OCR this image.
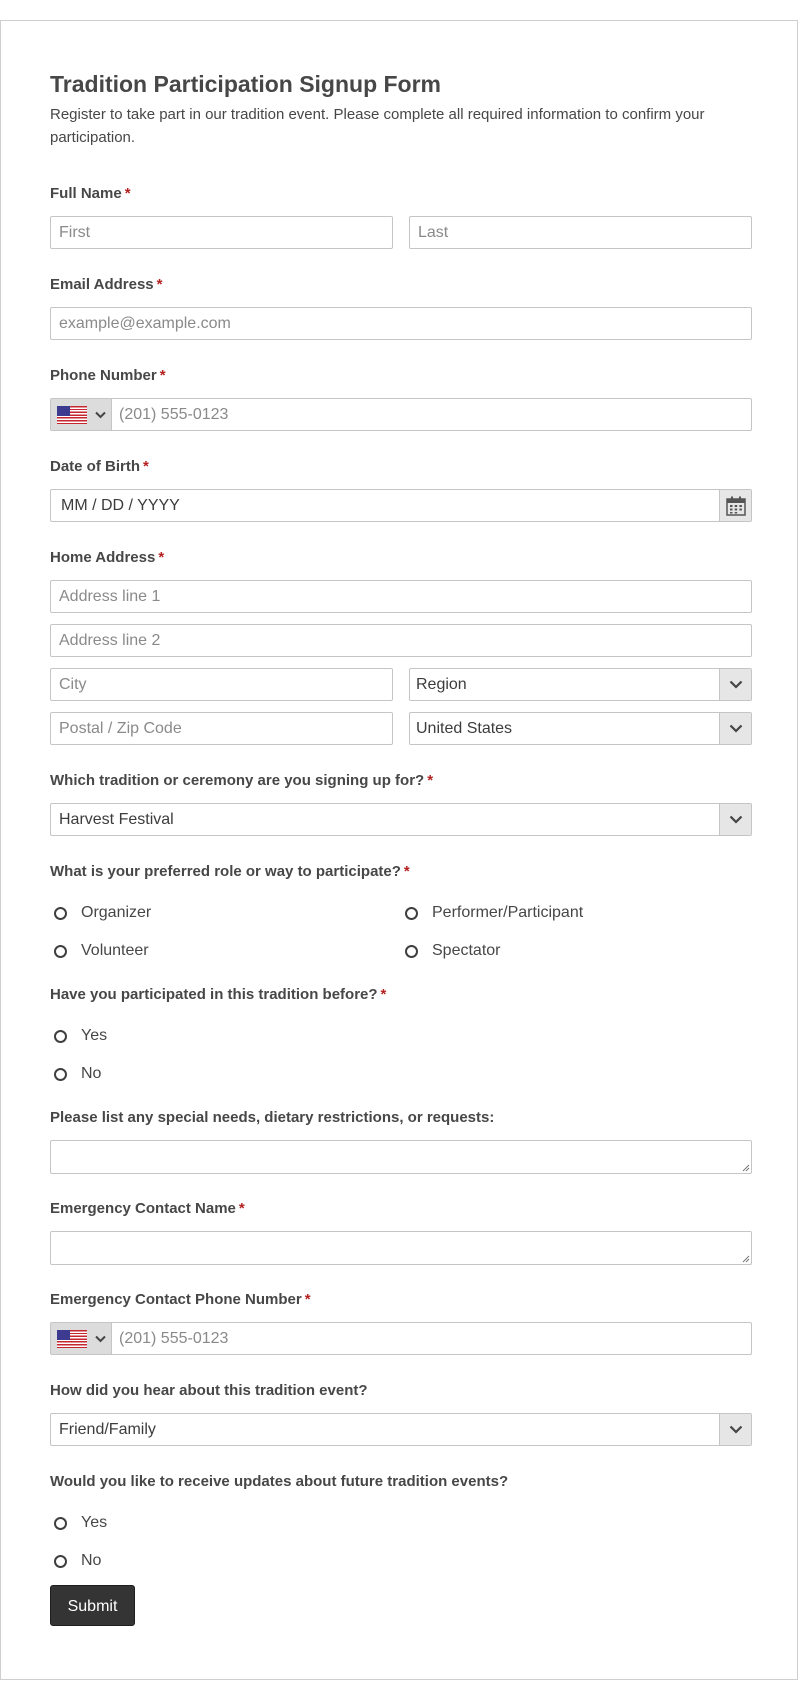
Tradition Participation Signup Form
Register to take part in our tradition event. Please complete all required information to confirm your participation.
Full Name *
First	Last
Email Address *
example@example.com
Phone Number *
(201) 555-0123
Date of Birth *
MM / DD / YYYY
Home Address *
Address line 1
Address line 2
City	Region
Postal / Zip Code	United States
Which tradition or ceremony are you signing up for? *
Harvest Festival
What is your preferred role or way to participate? *
Organizer	Performer/Participant
Volunteer	Spectator
Have you participated in this tradition before? *
Yes
No
Please list any special needs, dietary restrictions, or requests:
Emergency Contact Name *
Emergency Contact Phone Number *
(201) 555-0123
How did you hear about this tradition event?
Friend/Family
Would you like to receive updates about future tradition events?
Yes
No
Submit
